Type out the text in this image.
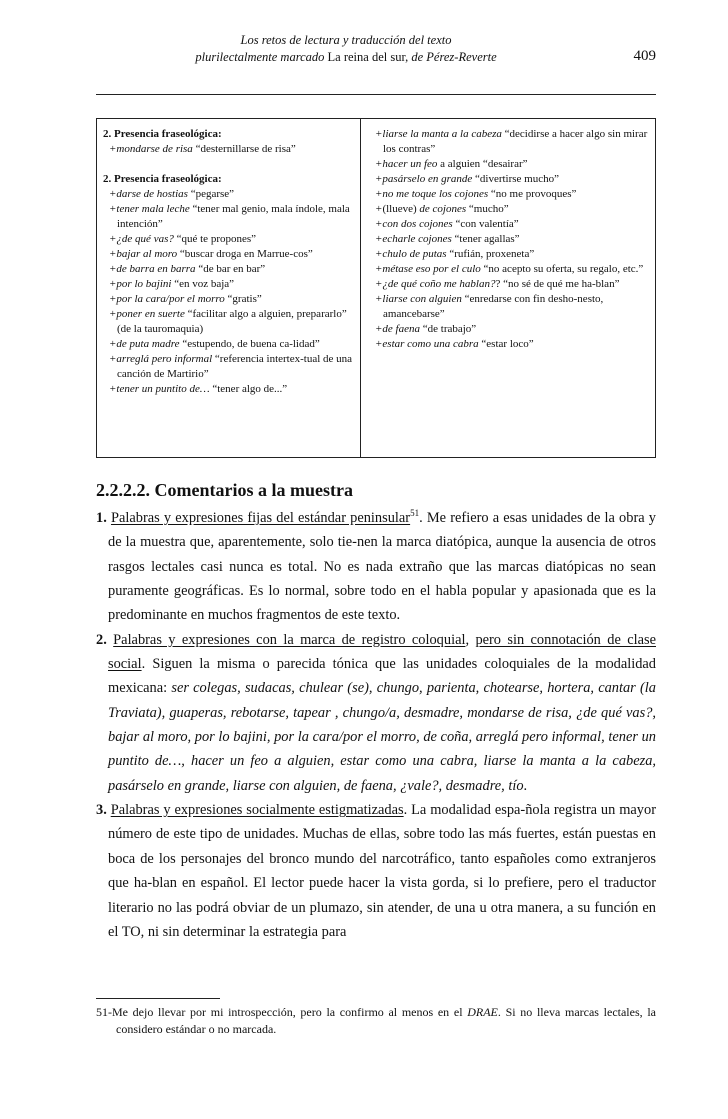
Los retos de lectura y traducción del texto
plurilectalmente marcado La reina del sur, de Pérez-Reverte	409
2. Presencia fraseológica:
+mondarse de risa “desternillarse de risa”
2. Presencia fraseológica:
+darse de hostias “pegarse”
+tener mala leche “tener mal genio, mala índole, mala intención”
+¿de qué vas? “qué te propones”
+bajar al moro “buscar droga en Marrue-cos”
+de barra en barra “de bar en bar”
+por lo bajini “en voz baja”
+por la cara/por el morro “gratis”
+poner en suerte “facilitar algo a alguien, prepararlo” (de la tauromaquia)
+de puta madre “estupendo, de buena ca-lidad”
+arreglá pero informal “referencia intertex-tual de una canción de Martirio”
+tener un puntito de… “tener algo de...”
+liarse la manta a la cabeza “decidirse a hacer algo sin mirar los contras”
+hacer un feo a alguien “desairar”
+pasárselo en grande “divertirse mucho”
+no me toque los cojones “no me provoques”
+(llueve) de cojones “mucho”
+con dos cojones “con valentía”
+echarle cojones “tener agallas”
+chulo de putas “rufián, proxeneta”
+métase eso por el culo “no acepto su oferta, su regalo, etc.”
+¿de qué coño me hablan?? “no sé de qué me ha-blan”
+liarse con alguien “enredarse con fin desho-nesto, amancebarse”
+de faena “de trabajo”
+estar como una cabra “estar loco”
2.2.2.2. Comentarios a la muestra

1. Palabras y expresiones fijas del estándar peninsular$^{51}$. Me refiero a esas unidades de la obra y de la muestra que, aparentemente, solo tie-nen la marca diatópica, aunque la ausencia de otros rasgos lectales casi nunca es total. No es nada extraño que las marcas diatópicas no sean puramente geográficas. Es lo normal, sobre todo en el habla popular y apasionada que es la predominante en muchos fragmentos de este texto.

2. Palabras y expresiones con la marca de registro coloquial, pero sin connotación de clase social. Siguen la misma o parecida tónica que las unidades coloquiales de la modalidad mexicana: ser colegas, sudacas, chulear (se), chungo, parienta, chotearse, hortera, cantar (la Traviata), guaperas, rebotarse, tapear , chungo/a, desmadre, mondarse de risa, ¿de qué vas?, bajar al moro, por lo bajini, por la cara/por el morro, de coña, arreglá pero informal, tener un puntito de…, hacer un feo a alguien, estar como una cabra, liarse la manta a la cabeza, pasárselo en grande, liarse con alguien, de faena, ¿vale?, desmadre, tío.

3. Palabras y expresiones socialmente estigmatizadas. La modalidad espa-ñola registra un mayor número de este tipo de unidades. Muchas de ellas, sobre todo las más fuertes, están puestas en boca de los personajes del bronco mundo del narcotráfico, tanto españoles como extranjeros que ha-blan en español. El lector puede hacer la vista gorda, si lo prefiere, pero el traductor literario no las podrá obviar de un plumazo, sin atender, de una u otra manera, a su función en el TO, ni sin determinar la estrategia para

51-Me dejo llevar por mi introspección, pero la confirmo al menos en el DRAE. Si no lleva marcas lectales, la considero estándar o no marcada.
